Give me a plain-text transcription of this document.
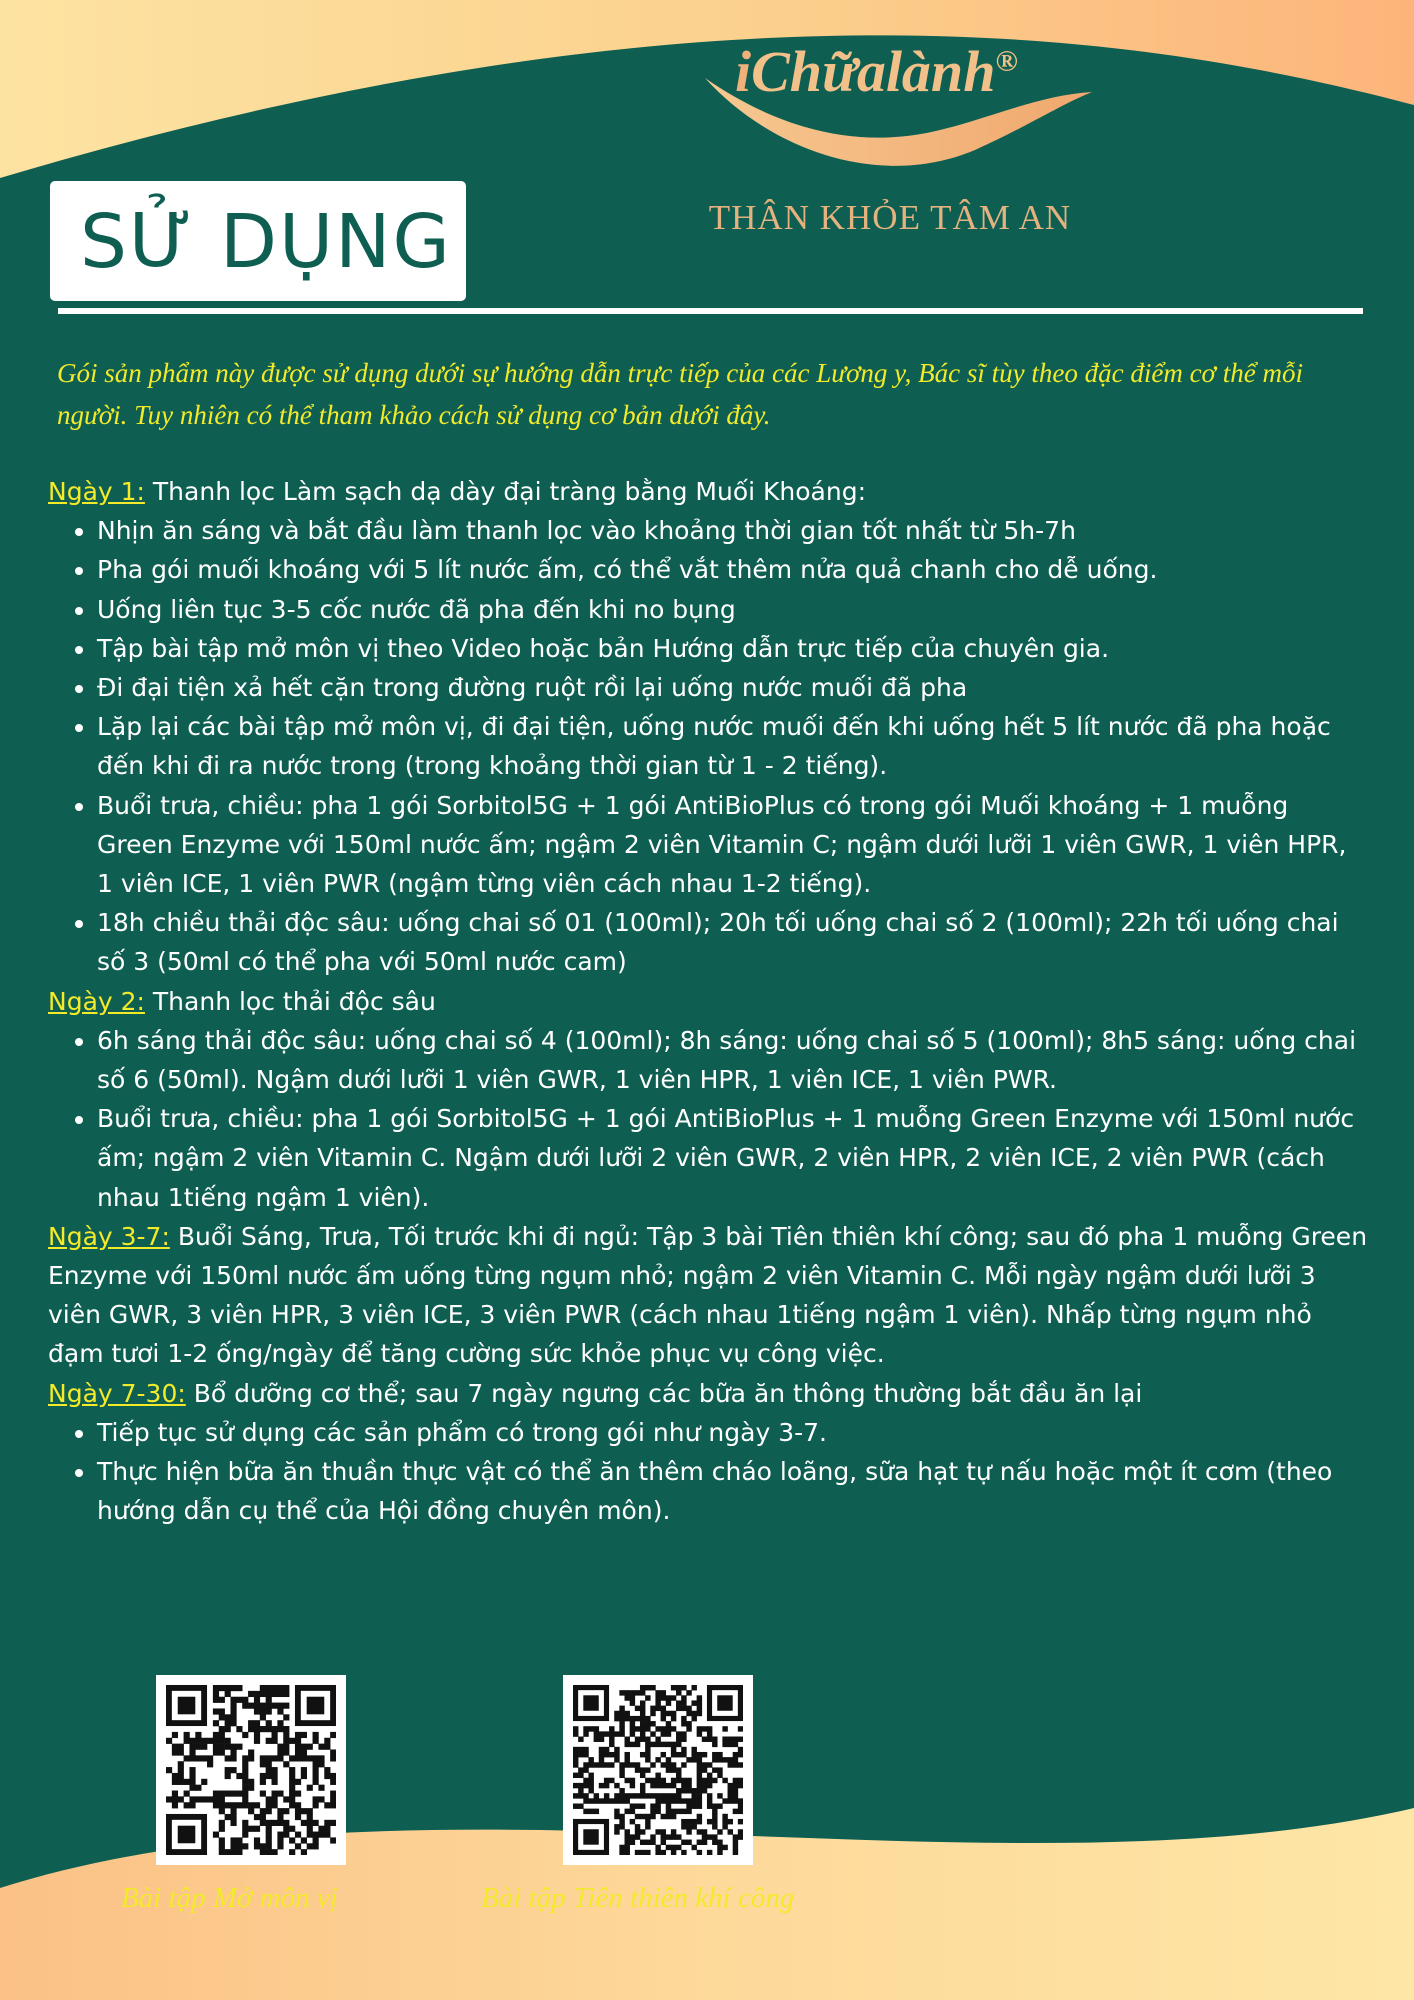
iChữalành®
THÂN KHỎE TÂM AN
SỬ DỤNG

Gói sản phẩm này được sử dụng dưới sự hướng dẫn trực tiếp của các Lương y, Bác sĩ tùy theo đặc điểm cơ thể mỗi người. Tuy nhiên có thể tham khảo cách sử dụng cơ bản dưới đây.

Ngày 1: Thanh lọc Làm sạch dạ dày đại tràng bằng Muối Khoáng:

• Nhịn ăn sáng và bắt đầu làm thanh lọc vào khoảng thời gian tốt nhất từ 5h-7h
• Pha gói muối khoáng với 5 lít nước ấm, có thể vắt thêm nửa quả chanh cho dễ uống.
• Uống liên tục 3-5 cốc nước đã pha đến khi no bụng
• Tập bài tập mở môn vị theo Video hoặc bản Hướng dẫn trực tiếp của chuyên gia.
• Đi đại tiện xả hết cặn trong đường ruột rồi lại uống nước muối đã pha
• Lặp lại các bài tập mở môn vị, đi đại tiện, uống nước muối đến khi uống hết 5 lít nước đã pha hoặc đến khi đi ra nước trong (trong khoảng thời gian từ 1 - 2 tiếng).
• Buổi trưa, chiều: pha 1 gói Sorbitol5G + 1 gói AntiBioPlus có trong gói Muối khoáng + 1 muỗng Green Enzyme với 150ml nước ấm; ngậm 2 viên Vitamin C; ngậm dưới lưỡi 1 viên GWR, 1 viên HPR, 1 viên ICE, 1 viên PWR (ngậm từng viên cách nhau 1-2 tiếng).
• 18h chiều thải độc sâu: uống chai số 01 (100ml); 20h tối uống chai số 2 (100ml); 22h tối uống chai số 3 (50ml có thể pha với 50ml nước cam)

Ngày 2: Thanh lọc thải độc sâu

• 6h sáng thải độc sâu: uống chai số 4 (100ml); 8h sáng: uống chai số 5 (100ml); 8h5 sáng: uống chai số 6 (50ml). Ngậm dưới lưỡi 1 viên GWR, 1 viên HPR, 1 viên ICE, 1 viên PWR.
• Buổi trưa, chiều: pha 1 gói Sorbitol5G + 1 gói AntiBioPlus + 1 muỗng Green Enzyme với 150ml nước ấm; ngậm 2 viên Vitamin C. Ngậm dưới lưỡi 2 viên GWR, 2 viên HPR, 2 viên ICE, 2 viên PWR (cách nhau 1tiếng ngậm 1 viên).

Ngày 3-7: Buổi Sáng, Trưa, Tối trước khi đi ngủ: Tập 3 bài Tiên thiên khí công; sau đó pha 1 muỗng Green Enzyme với 150ml nước ấm uống từng ngụm nhỏ; ngậm 2 viên Vitamin C. Mỗi ngày ngậm dưới lưỡi 3 viên GWR, 3 viên HPR, 3 viên ICE, 3 viên PWR (cách nhau 1tiếng ngậm 1 viên). Nhấp từng ngụm nhỏ đạm tươi 1-2 ống/ngày để tăng cường sức khỏe phục vụ công việc.

Ngày 7-30: Bổ dưỡng cơ thể; sau 7 ngày ngưng các bữa ăn thông thường bắt đầu ăn lại

• Tiếp tục sử dụng các sản phẩm có trong gói như ngày 3-7.
• Thực hiện bữa ăn thuần thực vật có thể ăn thêm cháo loãng, sữa hạt tự nấu hoặc một ít cơm (theo hướng dẫn cụ thể của Hội đồng chuyên môn).
Bài tập Mở môn vị	Bài tập Tiên thiên khí công
